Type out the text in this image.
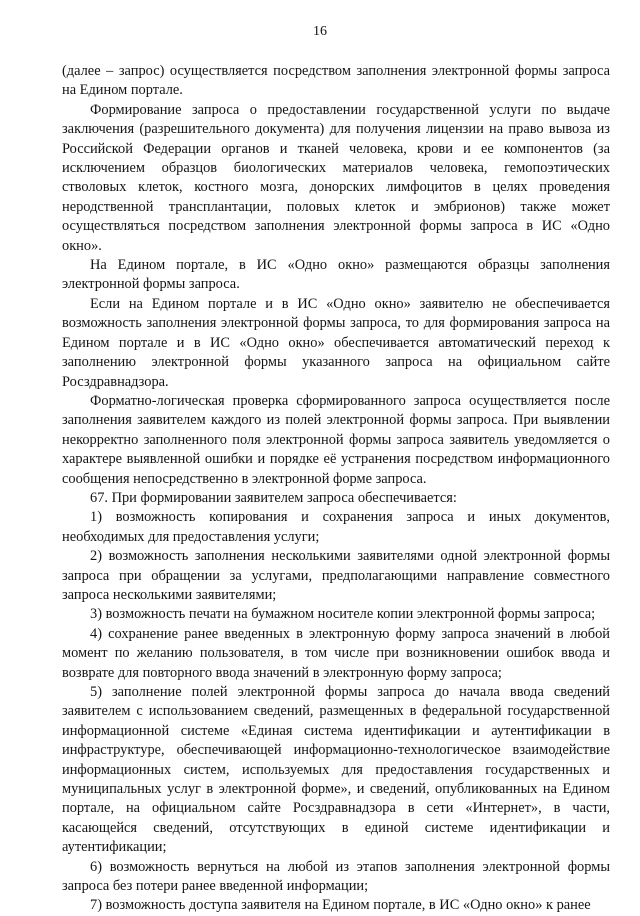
16

(далее – запрос) осуществляется посредством заполнения электронной формы запроса на Едином портале.

Формирование запроса о предоставлении государственной услуги по выдаче заключения (разрешительного документа) для получения лицензии на право вывоза из Российской Федерации органов и тканей человека, крови и ее компонентов (за исключением образцов биологических материалов человека, гемопоэтических стволовых клеток, костного мозга, донорских лимфоцитов в целях проведения неродственной трансплантации, половых клеток и эмбрионов) также может осуществляться посредством заполнения электронной формы запроса в ИС «Одно окно».

На Едином портале, в ИС «Одно окно» размещаются образцы заполнения электронной формы запроса.

Если на Едином портале и в ИС «Одно окно» заявителю не обеспечивается возможность заполнения электронной формы запроса, то для формирования запроса на Едином портале и в ИС «Одно окно» обеспечивается автоматический переход к заполнению электронной формы указанного запроса на официальном сайте Росздравнадзора.

Форматно-логическая проверка сформированного запроса осуществляется после заполнения заявителем каждого из полей электронной формы запроса. При выявлении некорректно заполненного поля электронной формы запроса заявитель уведомляется о характере выявленной ошибки и порядке её устранения посредством информационного сообщения непосредственно в электронной форме запроса.

67. При формировании заявителем запроса обеспечивается:

1) возможность копирования и сохранения запроса и иных документов, необходимых для предоставления услуги;

2) возможность заполнения несколькими заявителями одной электронной формы запроса при обращении за услугами, предполагающими направление совместного запроса несколькими заявителями;

3) возможность печати на бумажном носителе копии электронной формы запроса;

4) сохранение ранее введенных в электронную форму запроса значений в любой момент по желанию пользователя, в том числе при возникновении ошибок ввода и возврате для повторного ввода значений в электронную форму запроса;

5) заполнение полей электронной формы запроса до начала ввода сведений заявителем с использованием сведений, размещенных в федеральной государственной информационной системе «Единая система идентификации и аутентификации в инфраструктуре, обеспечивающей информационно-технологическое взаимодействие информационных систем, используемых для предоставления государственных и муниципальных услуг в электронной форме», и сведений, опубликованных на Едином портале, на официальном сайте Росздравнадзора в сети «Интернет», в части, касающейся сведений, отсутствующих в единой системе идентификации и аутентификации;

6) возможность вернуться на любой из этапов заполнения электронной формы запроса без потери ранее введенной информации;

7) возможность доступа заявителя на Едином портале, в ИС «Одно окно» к ранее
